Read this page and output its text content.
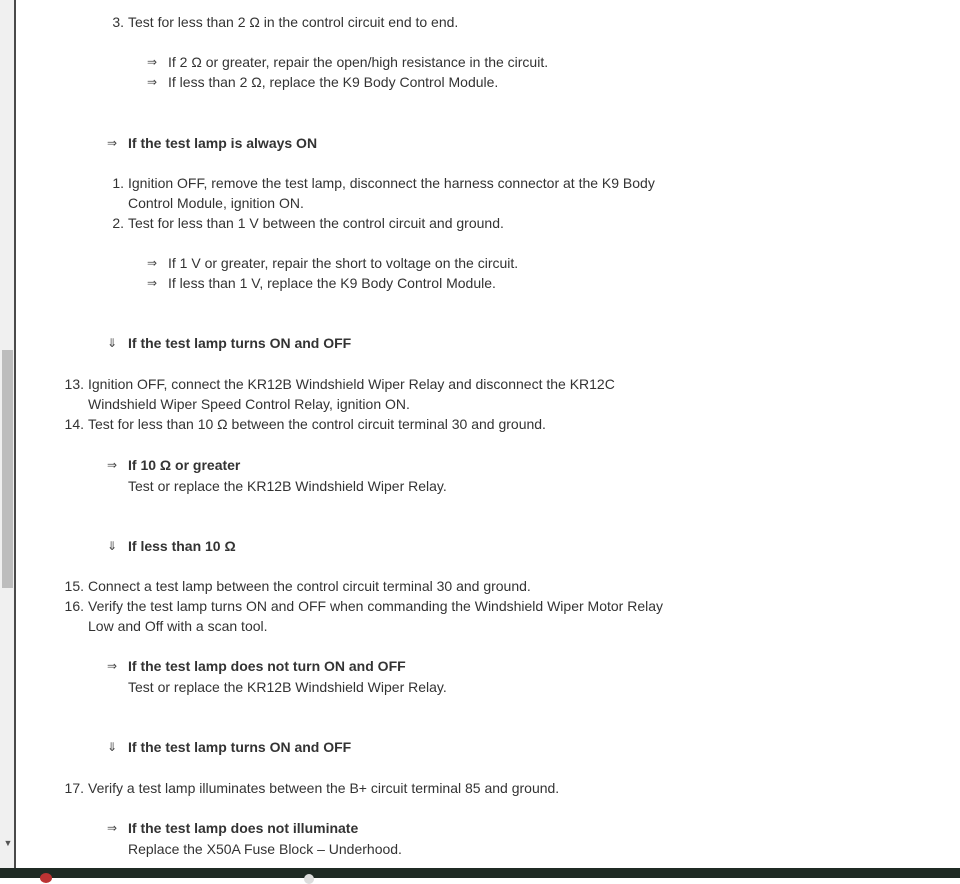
▼
3. Test for less than 2 Ω in the control circuit end to end.
⇒ If 2 Ω or greater, repair the open/high resistance in the circuit.
⇒ If less than 2 Ω, replace the K9 Body Control Module.
⇒ If the test lamp is always ON
1. Ignition OFF, remove the test lamp, disconnect the harness connector at the K9 Body
Control Module, ignition ON.
2. Test for less than 1 V between the control circuit and ground.
⇒ If 1 V or greater, repair the short to voltage on the circuit.
⇒ If less than 1 V, replace the K9 Body Control Module.
⇓ If the test lamp turns ON and OFF
13. Ignition OFF, connect the KR12B Windshield Wiper Relay and disconnect the KR12C
Windshield Wiper Speed Control Relay, ignition ON.
14. Test for less than 10 Ω between the control circuit terminal 30 and ground.
⇒ If 10 Ω or greater
Test or replace the KR12B Windshield Wiper Relay.
⇓ If less than 10 Ω
15. Connect a test lamp between the control circuit terminal 30 and ground.
16. Verify the test lamp turns ON and OFF when commanding the Windshield Wiper Motor Relay
Low and Off with a scan tool.
⇒ If the test lamp does not turn ON and OFF
Test or replace the KR12B Windshield Wiper Relay.
⇓ If the test lamp turns ON and OFF
17. Verify a test lamp illuminates between the B+ circuit terminal 85 and ground.
⇒ If the test lamp does not illuminate
Replace the X50A Fuse Block – Underhood.
